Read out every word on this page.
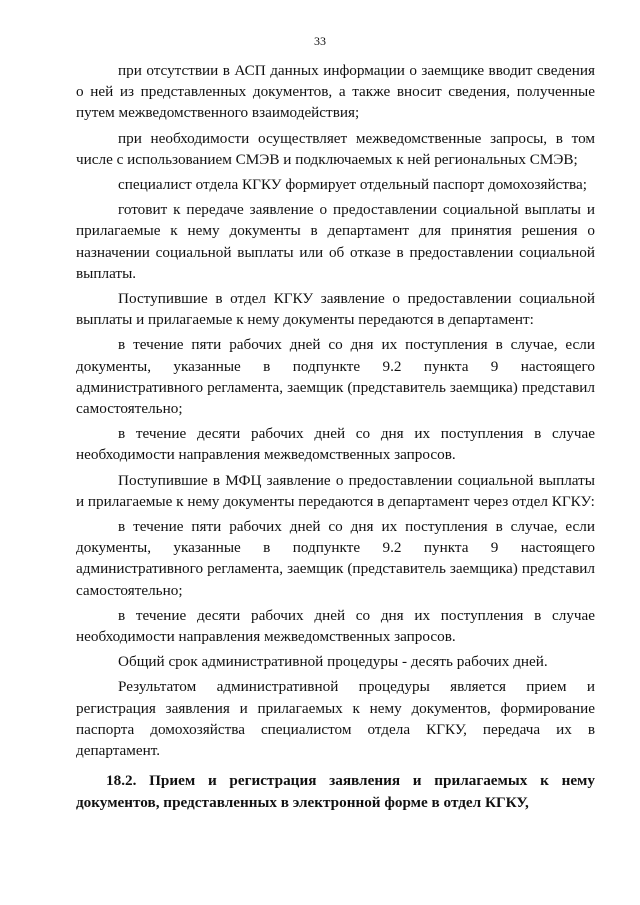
33

при отсутствии в АСП данных информации о заемщике вводит сведения о ней из представленных документов, а также вносит сведения, полученные путем межведомственного взаимодействия;

при необходимости осуществляет межведомственные запросы, в том числе с использованием СМЭВ и подключаемых к ней региональных СМЭВ;

специалист отдела КГКУ формирует отдельный паспорт домохозяйства;

готовит к передаче заявление о предоставлении социальной выплаты и прилагаемые к нему документы в департамент для принятия решения о назначении социальной выплаты или об отказе в предоставлении социальной выплаты.

Поступившие в отдел КГКУ заявление о предоставлении социальной выплаты и прилагаемые к нему документы передаются в департамент:

в течение пяти рабочих дней со дня их поступления в случае, если документы, указанные в подпункте 9.2 пункта 9 настоящего административного регламента, заемщик (представитель заемщика) представил самостоятельно;

в течение десяти рабочих дней со дня их поступления в случае необходимости направления межведомственных запросов.

Поступившие в МФЦ заявление о предоставлении социальной выплаты и прилагаемые к нему документы передаются в департамент через отдел КГКУ:

в течение пяти рабочих дней со дня их поступления в случае, если документы, указанные в подпункте 9.2 пункта 9 настоящего административного регламента, заемщик (представитель заемщика) представил самостоятельно;

в течение десяти рабочих дней со дня их поступления в случае необходимости направления межведомственных запросов.

Общий срок административной процедуры - десять рабочих дней.

Результатом административной процедуры является прием и регистрация заявления и прилагаемых к нему документов, формирование паспорта домохозяйства специалистом отдела КГКУ, передача их в департамент.

18.2. Прием и регистрация заявления и прилагаемых к нему документов, представленных в электронной форме в отдел КГКУ,
